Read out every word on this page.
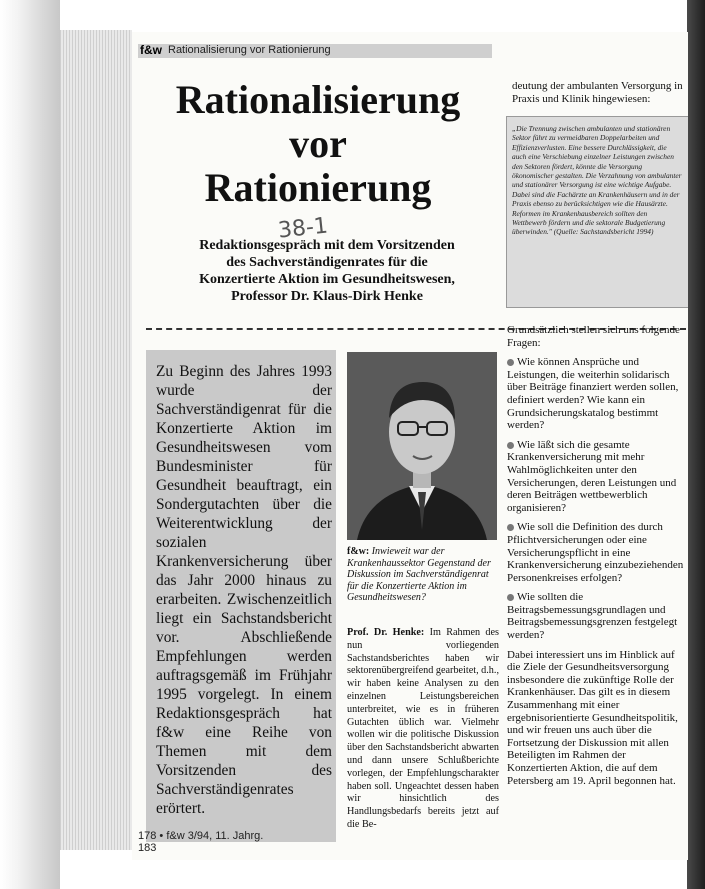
f&w Rationalisierung vor Rationierung
Rationalisierung
vor
Rationierung
38-1
Redaktionsgespräch mit dem Vorsitzenden
des Sachverständigenrates für die
Konzertierte Aktion im Gesundheitswesen,
Professor Dr. Klaus-Dirk Henke
Zu Beginn des Jahres 1993 wurde der Sachverständigenrat für die Konzertierte Aktion im Gesundheitswesen vom Bundesminister für Gesundheit beauftragt, ein Sondergutachten über die Weiterentwicklung der sozialen Krankenversicherung über das Jahr 2000 hinaus zu erarbeiten. Zwischenzeitlich liegt ein Sachstandsbericht vor. Abschließende Empfehlungen werden auftragsgemäß im Frühjahr 1995 vorgelegt. In einem Redaktionsgespräch hat f&w eine Reihe von Themen mit dem Vorsitzenden des Sachverständigenrates erörtert.
f&w: Inwieweit war der Krankenhaussektor Gegenstand der Diskussion im Sachverständigenrat für die Konzertierte Aktion im Gesundheitswesen?
Prof. Dr. Henke: Im Rahmen des nun vorliegenden Sachstandsberichtes haben wir sektorenübergreifend gearbeitet, d.h., wir haben keine Analysen zu den einzelnen Leistungsbereichen unterbreitet, wie es in früheren Gutachten üblich war. Vielmehr wollen wir die politische Diskussion über den Sachstandsbericht abwarten und dann unsere Schlußberichte vorlegen, der Empfehlungscharakter haben soll. Ungeachtet dessen haben wir hinsichtlich des Handlungsbedarfs bereits jetzt auf die Be-
deutung der ambulanten Versorgung in Praxis und Klinik hingewiesen:
„Die Trennung zwischen ambulanten und stationären Sektor führt zu vermeidbaren Doppelarbeiten und Effizienzverlusten. Eine bessere Durchlässigkeit, die auch eine Verschiebung einzelner Leistungen zwischen den Sektoren fördert, könnte die Versorgung ökonomischer gestalten. Die Verzahnung von ambulanter und stationärer Versorgung ist eine wichtige Aufgabe. Dabei sind die Fachärzte an Krankenhäusern und in der Praxis ebenso zu berücksichtigen wie die Hausärzte. Reformen im Krankenhausbereich sollten den Wettbewerb fördern und die sektorale Budgetierung überwinden." (Quelle: Sachstandsbericht 1994)

Grundsätzlich stellen sich uns folgende Fragen:

Wie können Ansprüche und Leistungen, die weiterhin solidarisch über Beiträge finanziert werden sollen, definiert werden? Wie kann ein Grundsicherungskatalog bestimmt werden?

Wie läßt sich die gesamte Krankenversicherung mit mehr Wahlmöglichkeiten unter den Versicherungen, deren Leistungen und deren Beiträgen wettbewerblich organisieren?

Wie soll die Definition des durch Pflichtversicherungen oder eine Versicherungspflicht in eine Krankenversicherung einzubeziehenden Personenkreises erfolgen?

Wie sollten die Beitragsbemessungsgrundlagen und Beitragsbemessungsgrenzen festgelegt werden?

Dabei interessiert uns im Hinblick auf die Ziele der Gesundheitsversorgung insbesondere die zukünftige Rolle der Krankenhäuser. Das gilt es in diesem Zusammenhang mit einer ergebnisorientierte Gesundheitspolitik, und wir freuen uns auch über die Fortsetzung der Diskussion mit allen Beteiligten im Rahmen der Konzertierten Aktion, die auf dem Petersberg am 19. April begonnen hat.

178 • f&w 3/94, 11. Jahrg.
183
